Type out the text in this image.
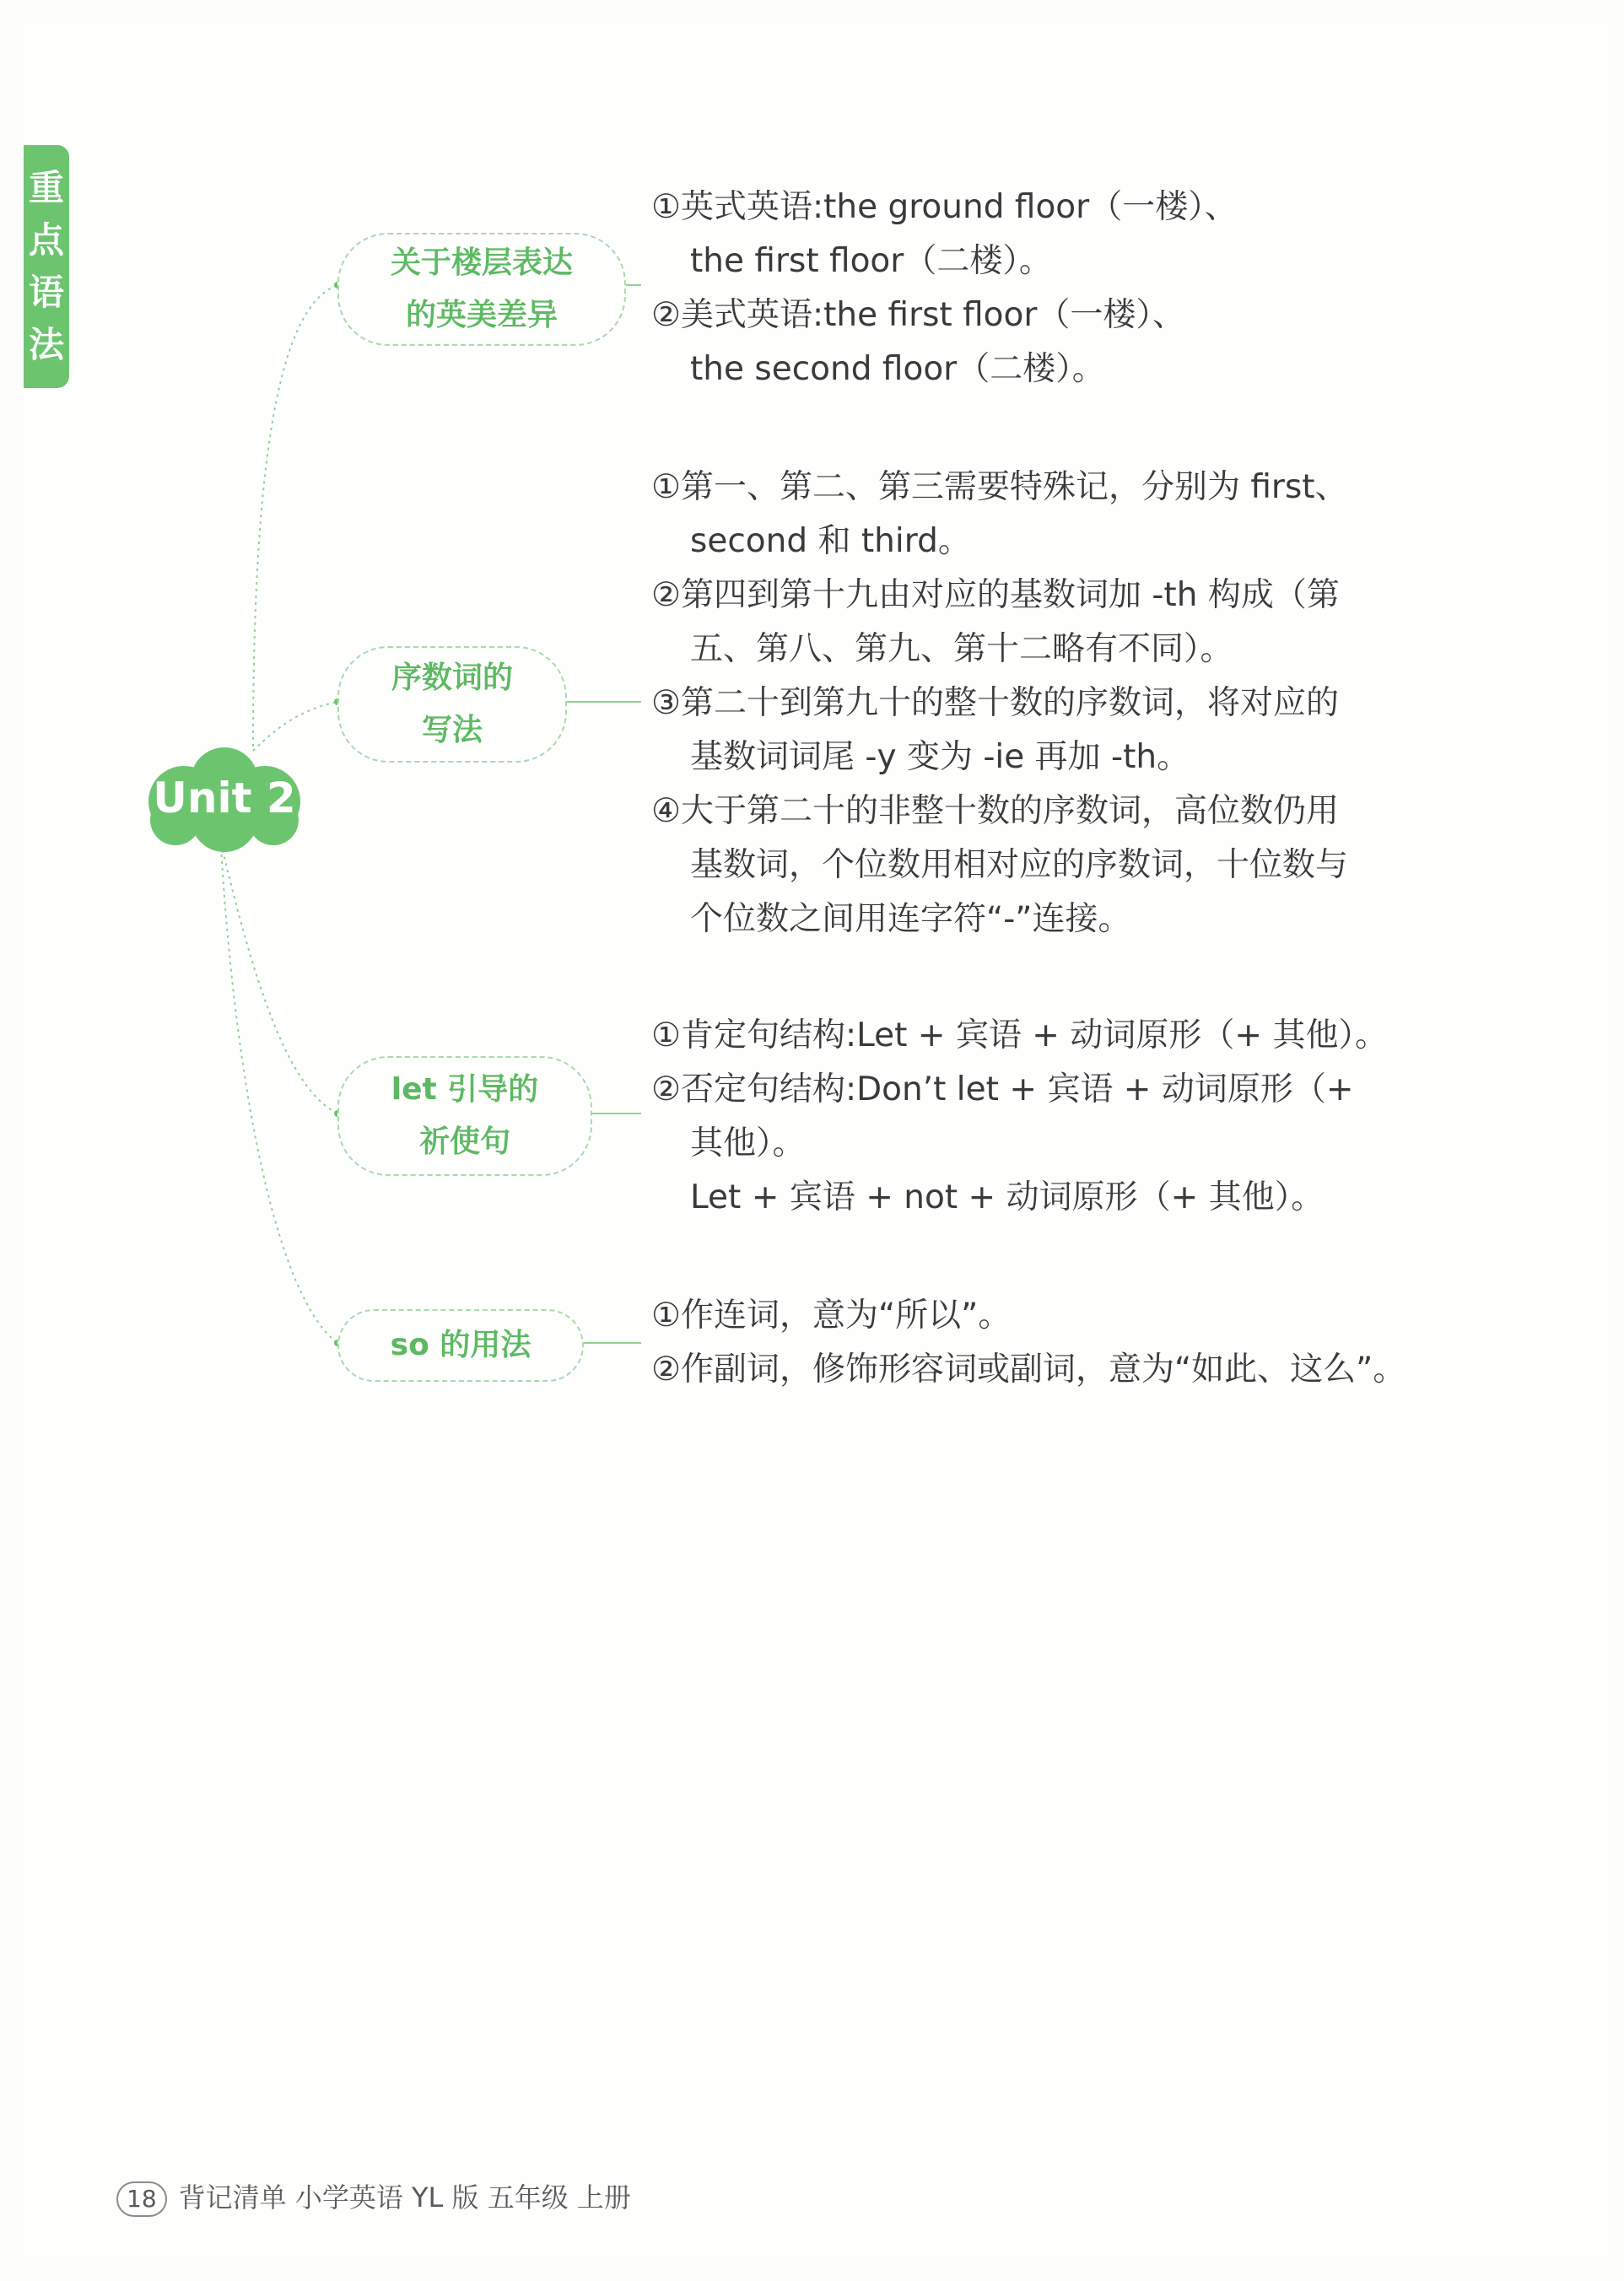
重
点
语
法
Unit 2
关于楼层表达
的英美差异
序数词的
写法
let 引导的
祈使句
so 的用法
①英式英语:the ground floor（一楼）、
the first floor（二楼）。
②美式英语:the first floor（一楼）、
the second floor（二楼）。
①第一、第二、第三需要特殊记，分别为 first、
second 和 third。
②第四到第十九由对应的基数词加 -th 构成（第
五、第八、第九、第十二略有不同）。
③第二十到第九十的整十数的序数词，将对应的
基数词词尾 -y 变为 -ie 再加 -th。
④大于第二十的非整十数的序数词，高位数仍用
基数词，个位数用相对应的序数词，十位数与
个位数之间用连字符“-”连接。
①肯定句结构:Let + 宾语 + 动词原形（+ 其他）。
②否定句结构:Don’t let + 宾语 + 动词原形（+
其他）。
Let + 宾语 + not + 动词原形（+ 其他）。
①作连词，意为“所以”。
②作副词，修饰形容词或副词，意为“如此、这么”。
18 背记清单 小学英语 YL 版 五年级 上册
